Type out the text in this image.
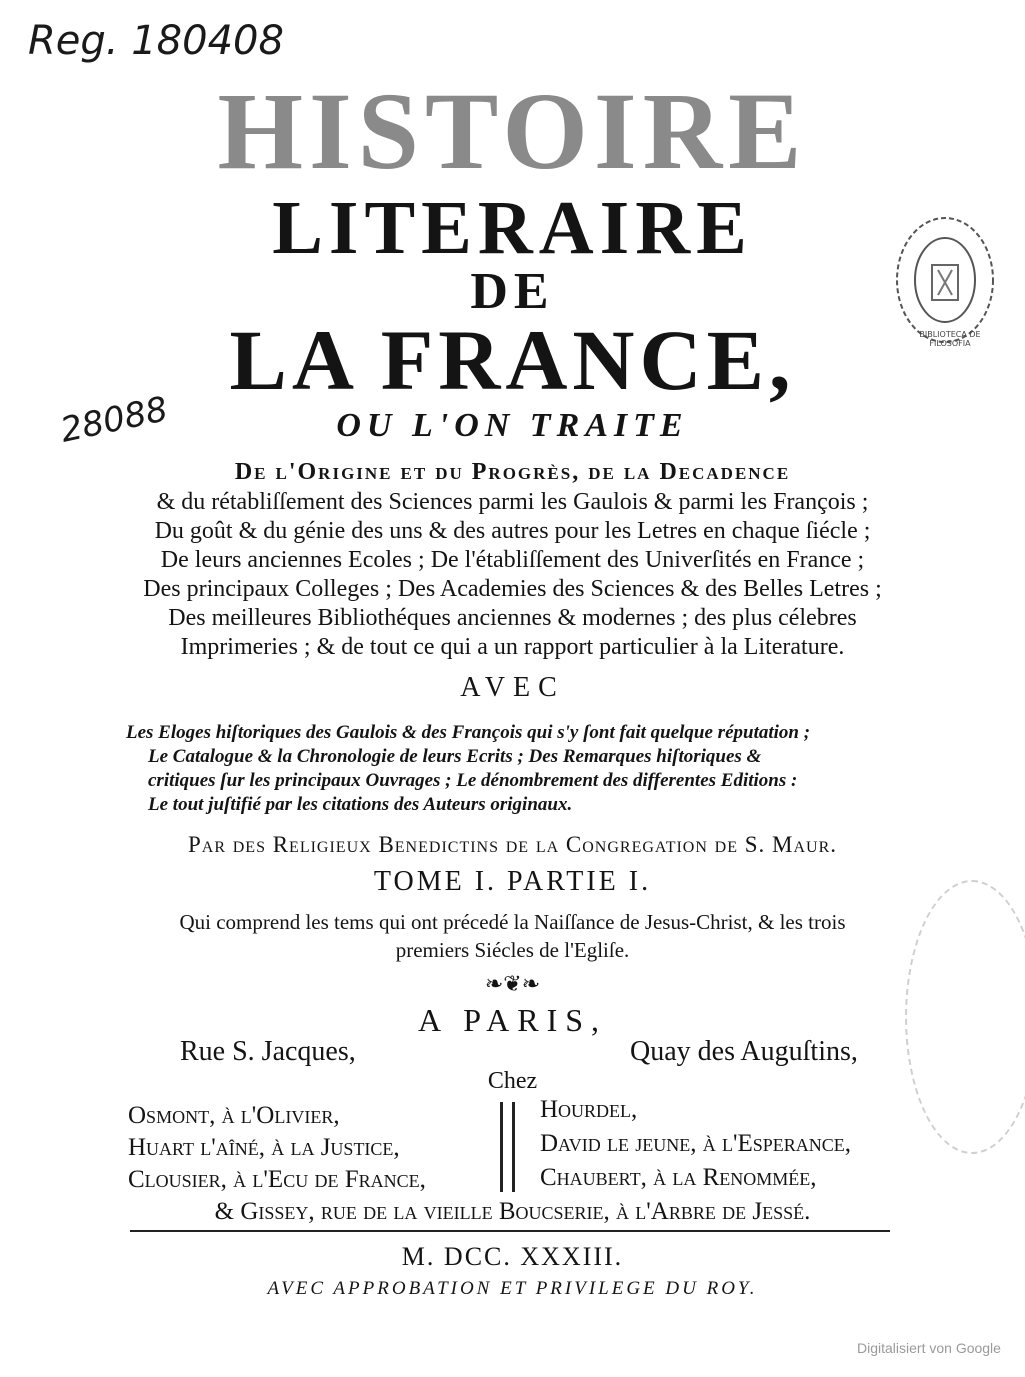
Reg. 180408
28088
BIBLIOTECA DE FILOSOFIA
HISTOIRE
LITERAIRE
DE
LA FRANCE,
OU L'ON TRAITE
De l'Origine et du Progrès, de la Decadence
& du rétabliſſement des Sciences parmi les Gaulois & parmi les François ;
Du goût & du génie des uns & des autres pour les Letres en chaque ſiécle ;
De leurs anciennes Ecoles ; De l'établiſſement des Univerſités en France ;
Des principaux Colleges ; Des Academies des Sciences & des Belles Letres ;
Des meilleures Bibliothéques anciennes & modernes ; des plus célebres
Imprimeries ; & de tout ce qui a un rapport particulier à la Literature.
AVEC
Les Eloges hiſtoriques des Gaulois & des François qui s'y ſont fait quelque réputation ;
Le Catalogue & la Chronologie de leurs Ecrits ; Des Remarques hiſtoriques &
critiques ſur les principaux Ouvrages ; Le dénombrement des differentes Editions :
Le tout juſtifié par les citations des Auteurs originaux.
Par des Religieux Benedictins de la Congregation de S. Maur.
TOME I. PARTIE I.
Qui comprend les tems qui ont précedé la Naiſſance de Jesus-Christ, & les trois
premiers Siécles de l'Egliſe.
❧❦❧
A PARIS,
Rue S. Jacques,	Quay des Auguſtins,
Chez
Osmont, à l'Olivier,
Huart l'aîné, à la Juſtice,
Clousier, à l'Ecu de France,
Hourdel,
David le jeune, à l'Eſperance,
Chaubert, à la Renommée,
& Gissey, rue de la vieille Boucſerie, à l'Arbre de Jeſſé.
M. DCC. XXXIII.
AVEC APPROBATION ET PRIVILEGE DU ROY.
Digitalisiert von Google
